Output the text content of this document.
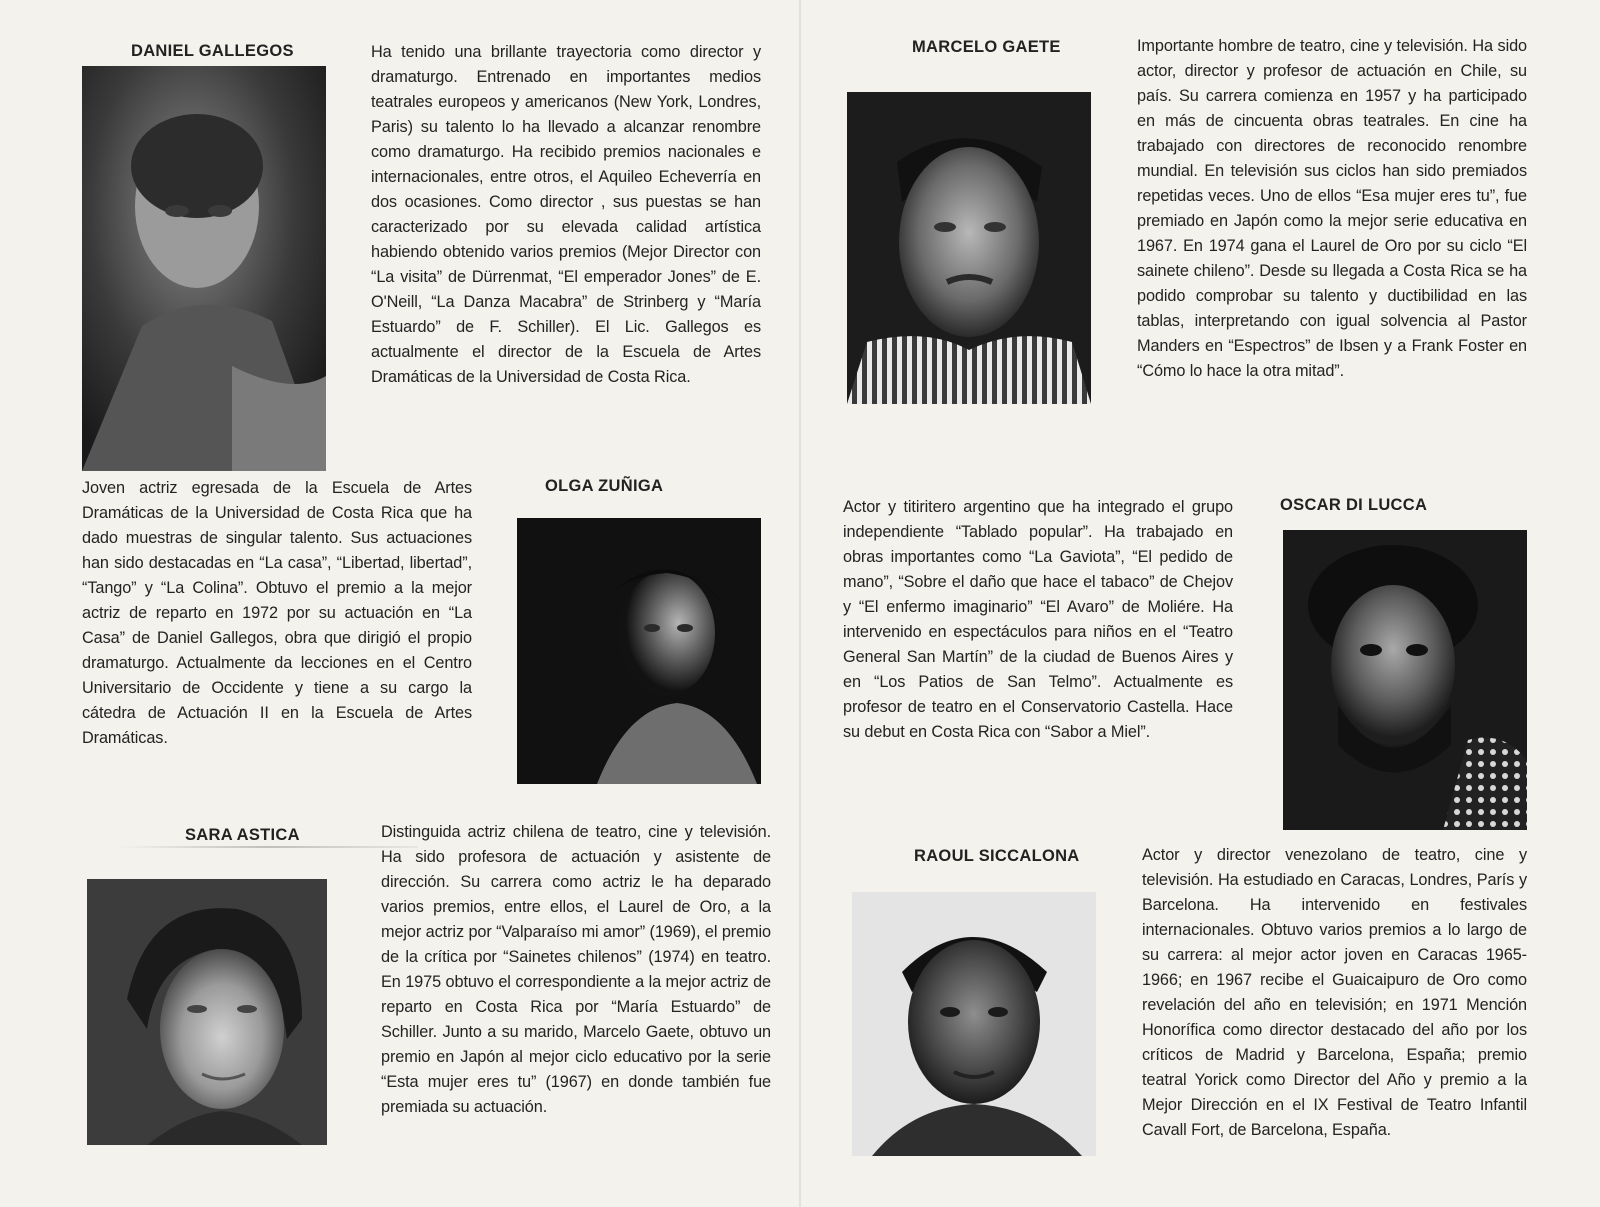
DANIEL GALLEGOS	Ha tenido una brillante trayectoria como director y dramaturgo. Entrenado en importantes medios teatrales europeos y americanos (New York, Londres, Paris) su talento lo ha llevado a alcanzar renombre como dramaturgo. Ha recibido premios nacionales e internacionales, entre otros, el Aquileo Echeverría en dos ocasiones. Como director , sus puestas se han caracterizado por su elevada calidad artística habiendo obtenido varios premios (Mejor Director con “La visita” de Dürrenmat, “El emperador Jones” de E. O'Neill, “La Danza Macabra” de Strinberg y “María Estuardo” de F. Schiller). El Lic. Gallegos es actualmente el director de la Escuela de Artes Dramáticas de la Universidad de Costa Rica.

Joven actriz egresada de la Escuela de Artes Dramáticas de la Universidad de Costa Rica que ha dado muestras de singular talento. Sus actuaciones han sido destacadas en “La casa”, “Libertad, libertad”, “Tango” y “La Colina”. Obtuvo el premio a la mejor actriz de reparto en 1972 por su actuación en “La Casa” de Daniel Gallegos, obra que dirigió el propio dramaturgo. Actualmente da lecciones en el Centro Universitario de Occidente y tiene a su cargo la cátedra de Actuación II en la Escuela de Artes Dramáticas.

OLGA ZUÑIGA
SARA ASTICA	Distinguida actriz chilena de teatro, cine y televisión. Ha sido profesora de actuación y asistente de dirección. Su carrera como actriz le ha deparado varios premios, entre ellos, el Laurel de Oro, a la mejor actriz por “Valparaíso mi amor” (1969), el premio de la crítica por “Sainetes chilenos” (1974) en teatro. En 1975 obtuvo el correspondiente a la mejor actriz de reparto en Costa Rica por “María Estuardo” de Schiller. Junto a su marido, Marcelo Gaete, obtuvo un premio en Japón al mejor ciclo educativo por la serie “Esta mujer eres tu” (1967) en donde también fue premiada su actuación.

MARCELO GAETE	Importante hombre de teatro, cine y televisión. Ha sido actor, director y profesor de actuación en Chile, su país. Su carrera comienza en 1957 y ha participado en más de cincuenta obras teatrales. En cine ha trabajado con directores de reconocido renombre mundial. En televisión sus ciclos han sido premiados repetidas veces. Uno de ellos “Esa mujer eres tu”, fue premiado en Japón como la mejor serie educativa en 1967. En 1974 gana el Laurel de Oro por su ciclo “El sainete chileno”. Desde su llegada a Costa Rica se ha podido comprobar su talento y ductibilidad en las tablas, interpretando con igual solvencia al Pastor Manders en “Espectros” de Ibsen y a Frank Foster en “Cómo lo hace la otra mitad”.

Actor y titiritero argentino que ha integrado el grupo independiente “Tablado popular”. Ha trabajado en obras importantes como “La Gaviota”, “El pedido de mano”, “Sobre el daño que hace el tabaco” de Chejov y “El enfermo imaginario” “El Avaro” de Moliére. Ha intervenido en espectáculos para niños en el “Teatro General San Martín” de la ciudad de Buenos Aires y en “Los Patios de San Telmo”. Actualmente es profesor de teatro en el Conservatorio Castella. Hace su debut en Costa Rica con “Sabor a Miel”.

OSCAR DI LUCCA
RAOUL SICCALONA	Actor y director venezolano de teatro, cine y televisión. Ha estudiado en Caracas, Londres, París y Barcelona. Ha intervenido en festivales internacionales. Obtuvo varios premios a lo largo de su carrera: al mejor actor joven en Caracas 1965-1966; en 1967 recibe el Guaicaipuro de Oro como revelación del año en televisión; en 1971 Mención Honorífica como director destacado del año por los críticos de Madrid y Barcelona, España; premio teatral Yorick como Director del Año y premio a la Mejor Dirección en el IX Festival de Teatro Infantil Cavall Fort, de Barcelona, España.
